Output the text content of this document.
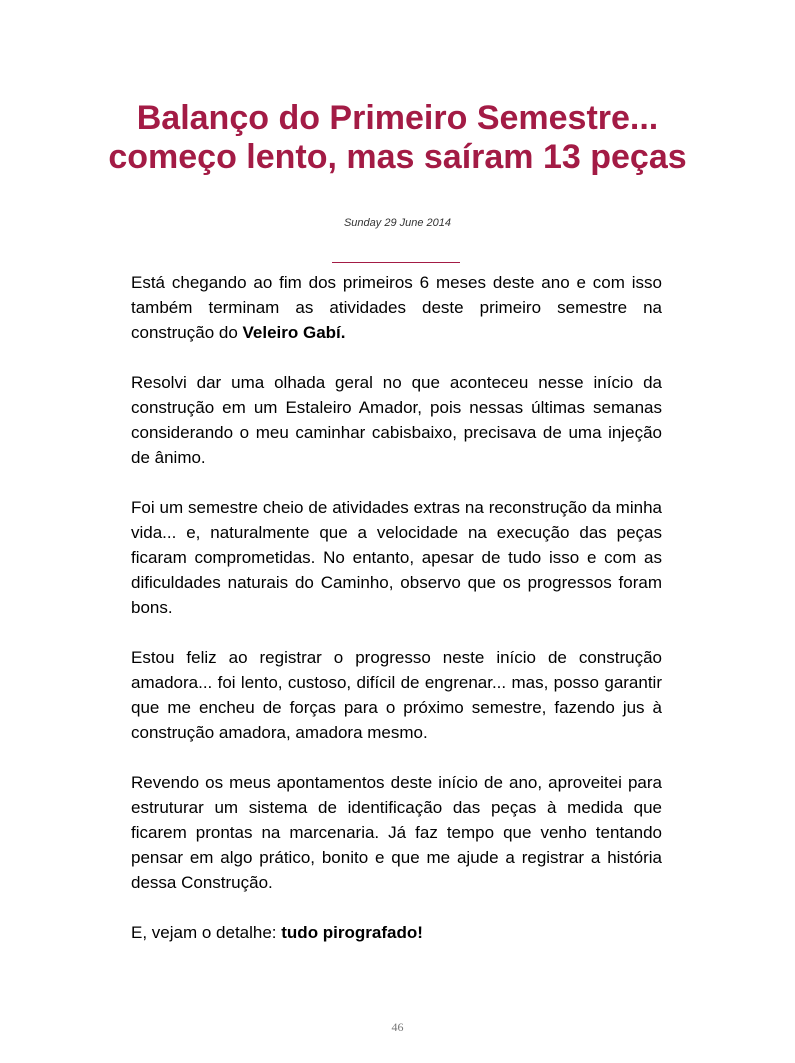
Balanço do Primeiro Semestre... começo lento, mas saíram 13 peças
Sunday 29 June 2014

Está chegando ao fim dos primeiros 6 meses deste ano e com isso também terminam as atividades deste primeiro semestre na construção do Veleiro Gabí.

Resolvi dar uma olhada geral no que aconteceu nesse início da construção em um Estaleiro Amador, pois nessas últimas semanas considerando o meu caminhar cabisbaixo, precisava de uma injeção de ânimo.

Foi um semestre cheio de atividades extras na reconstrução da minha vida... e, naturalmente que a velocidade na execução das peças ficaram comprometidas. No entanto, apesar de tudo isso e com as dificuldades naturais do Caminho, observo que os progressos foram bons.

Estou feliz ao registrar o progresso neste início de construção amadora... foi lento, custoso, difícil de engrenar... mas, posso garantir que me encheu de forças para o próximo semestre, fazendo jus à construção amadora, amadora mesmo.

Revendo os meus apontamentos deste início de ano, aproveitei para estruturar um sistema de identificação das peças à medida que ficarem prontas na marcenaria. Já faz tempo que venho tentando pensar em algo prático, bonito e que me ajude a registrar a história dessa Construção.

E, vejam o detalhe: tudo pirografado!

46
